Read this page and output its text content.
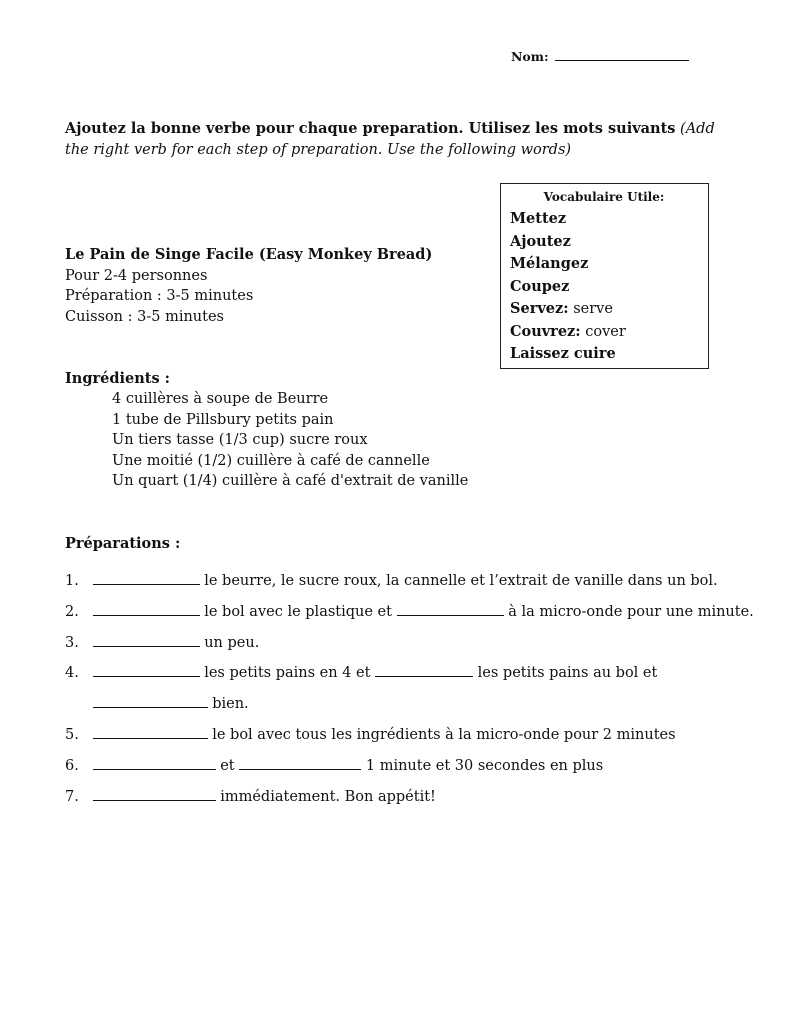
Nom:
Ajoutez la bonne verbe pour chaque preparation. Utilisez les mots suivants (Add the right verb for each step of preparation. Use the following words)
Vocabulaire Utile:
Mettez
Ajoutez
Mélangez
Coupez
Servez: serve
Couvrez: cover
Laissez cuire
Le Pain de Singe Facile (Easy Monkey Bread)
Pour 2-4 personnes
Préparation : 3-5 minutes
Cuisson : 3-5 minutes
Ingrédients :
4 cuillères à soupe de Beurre
1 tube de Pillsbury petits pain
Un tiers tasse (1/3 cup) sucre roux
Une moitié (1/2) cuillère à café de cannelle
Un quart (1/4) cuillère à café d'extrait de vanille
Préparations :
1.	le beurre, le sucre roux, la cannelle et l’extrait de vanille dans un bol.
2.	le bol avec le plastique et	à la micro-onde pour une minute.
3.	un peu.
4.	les petits pains en 4 et	les petits pains au bol et
bien.
5.	le bol avec tous les ingrédients à la micro-onde pour 2 minutes
6.	et	1 minute et 30 secondes en plus
7.	immédiatement. Bon appétit!
